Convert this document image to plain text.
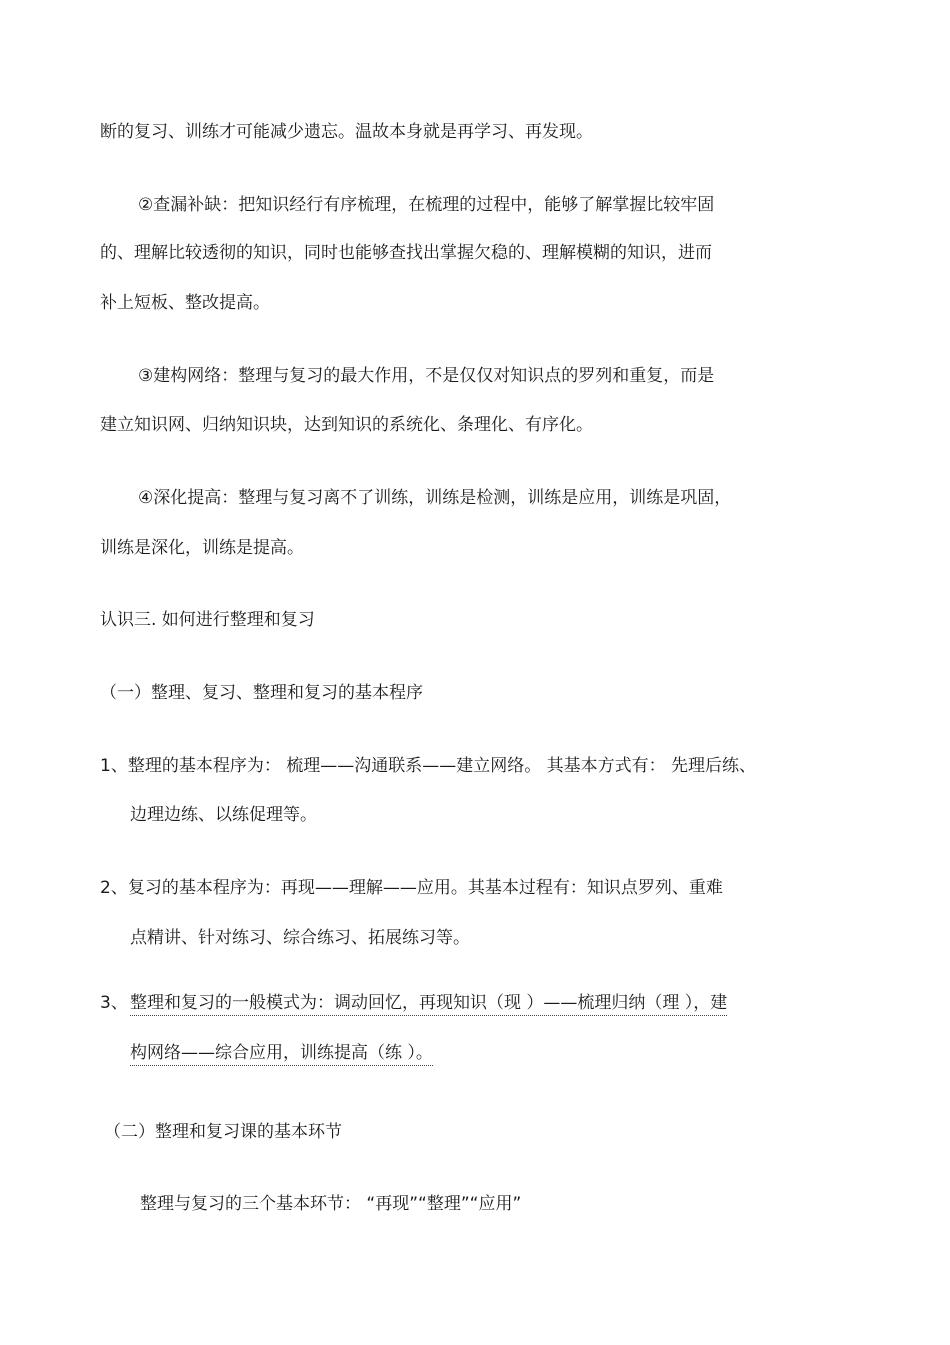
断的复习、训练才可能减少遗忘。温故本身就是再学习、再发现。
②查漏补缺：把知识经行有序梳理，在梳理的过程中，能够了解掌握比较牢固
的、理解比较透彻的知识，同时也能够查找出掌握欠稳的、理解模糊的知识，进而
补上短板、整改提高。
③建构网络：整理与复习的最大作用，不是仅仅对知识点的罗列和重复，而是
建立知识网、归纳知识块，达到知识的系统化、条理化、有序化。
④深化提高：整理与复习离不了训练，训练是检测，训练是应用，训练是巩固，
训练是深化，训练是提高。
认识三. 如何进行整理和复习
（一）整理、复习、整理和复习的基本程序
1、整理的基本程序为： 梳理——沟通联系——建立网络。 其基本方式有： 先理后练、
边理边练、以练促理等。
2、复习的基本程序为：再现——理解——应用。其基本过程有：知识点罗列、重难
点精讲、针对练习、综合练习、拓展练习等。
3、 整理和复习的一般模式为：调动回忆，再现知识（现 ）——梳理归纳（理 ），建
构网络——综合应用，训练提高（练 ）。
（二）整理和复习课的基本环节
整理与复习的三个基本环节： “再现”“整理”“应用”
